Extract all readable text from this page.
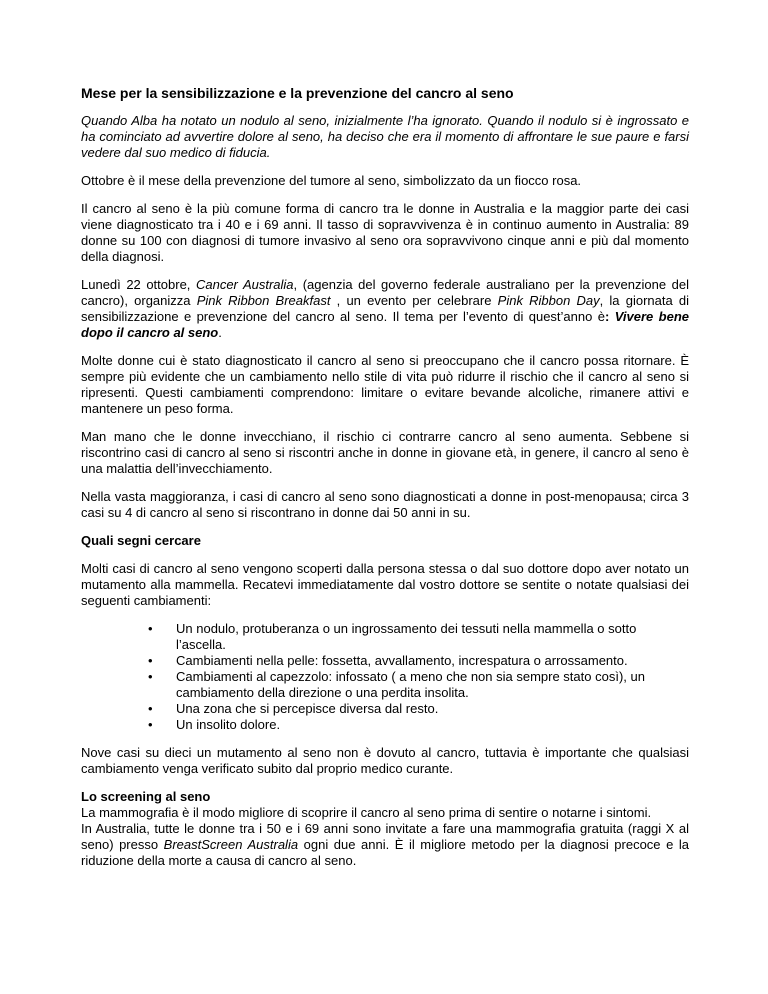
Mese per la sensibilizzazione e la prevenzione del cancro al seno

Quando Alba ha notato un nodulo al seno, inizialmente l’ha ignorato. Quando il nodulo si è ingrossato e ha cominciato ad avvertire dolore al seno, ha deciso che era il momento di affrontare le sue paure e farsi vedere dal suo medico di fiducia.

Ottobre è il mese della prevenzione del tumore al seno, simbolizzato da un fiocco rosa.

Il cancro al seno è la più comune forma di cancro tra le donne in Australia e la maggior parte dei casi viene diagnosticato tra i 40 e i 69 anni. Il tasso di sopravvivenza è in continuo aumento in Australia: 89 donne su 100 con diagnosi di tumore invasivo al seno ora sopravvivono cinque anni e più dal momento della diagnosi.

Lunedì 22 ottobre, Cancer Australia, (agenzia del governo federale australiano per la prevenzione del cancro), organizza Pink Ribbon Breakfast , un evento per celebrare Pink Ribbon Day, la giornata di sensibilizzazione e prevenzione del cancro al seno. Il tema per l’evento di quest’anno è: Vivere bene dopo il cancro al seno.

Molte donne cui è stato diagnosticato il cancro al seno si preoccupano che il cancro possa ritornare. È sempre più evidente che un cambiamento nello stile di vita può ridurre il rischio che il cancro al seno si ripresenti. Questi cambiamenti comprendono: limitare o evitare bevande alcoliche, rimanere attivi e mantenere un peso forma.

Man mano che le donne invecchiano, il rischio ci contrarre cancro al seno aumenta. Sebbene si riscontrino casi di cancro al seno si riscontri anche in donne in giovane età, in genere, il cancro al seno è una malattia dell’invecchiamento.

Nella vasta maggioranza, i casi di cancro al seno sono diagnosticati a donne in post-menopausa; circa 3 casi su 4 di cancro al seno si riscontrano in donne dai 50 anni in su.

Quali segni cercare

Molti casi di cancro al seno vengono scoperti dalla persona stessa o dal suo dottore dopo aver notato un mutamento alla mammella. Recatevi immediatamente dal vostro dottore se sentite o notate qualsiasi dei seguenti cambiamenti:

• Un nodulo, protuberanza o un ingrossamento dei tessuti nella mammella o sotto l’ascella.
• Cambiamenti nella pelle: fossetta, avvallamento, increspatura o arrossamento.
• Cambiamenti al capezzolo: infossato ( a meno che non sia sempre stato così), un cambiamento della direzione o una perdita insolita.
• Una zona che si percepisce diversa dal resto.
• Un insolito dolore.

Nove casi su dieci un mutamento al seno non è dovuto al cancro, tuttavia è importante che qualsiasi cambiamento venga verificato subito dal proprio medico curante.

Lo screening al seno

La mammografia è il modo migliore di scoprire il cancro al seno prima di sentire o notarne i sintomi.

In Australia, tutte le donne tra i 50 e i 69 anni sono invitate a fare una mammografia gratuita (raggi X al seno) presso BreastScreen Australia ogni due anni. È il migliore metodo per la diagnosi precoce e la riduzione della morte a causa di cancro al seno.
